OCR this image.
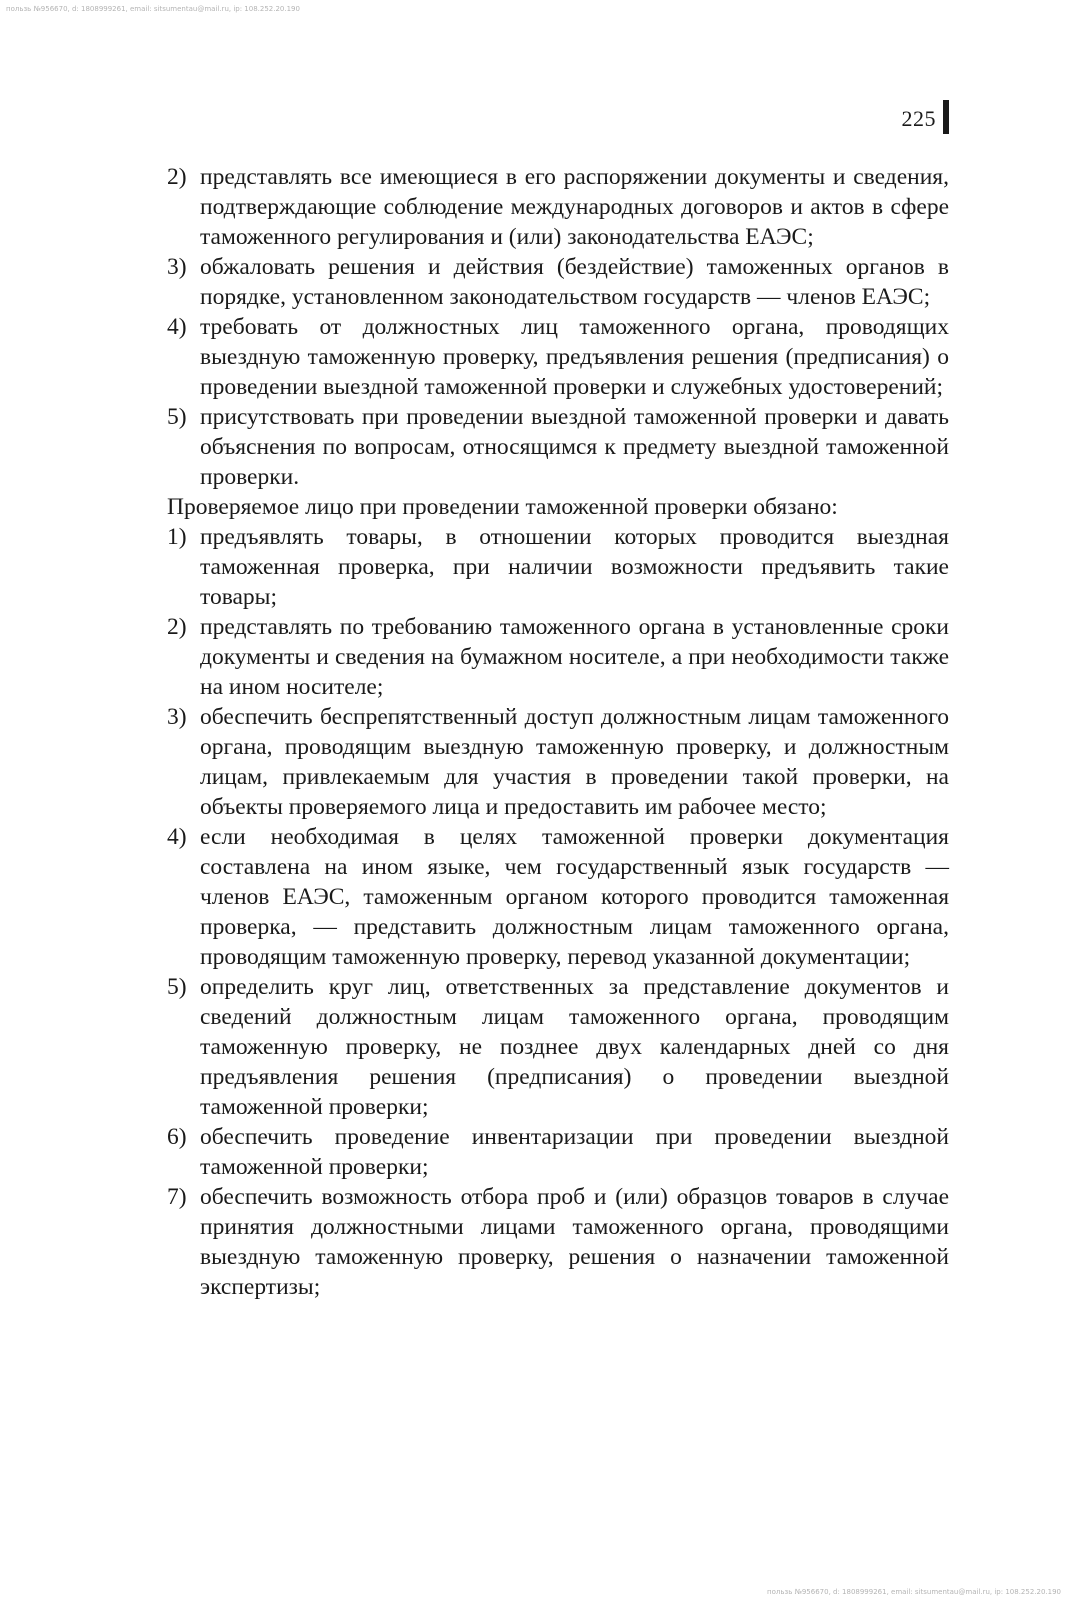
пользь №956670, d: 1808999261, email: sitsumentau@mail.ru, ip: 108.252.20.190
225
2) представлять все имеющиеся в его распоряжении документы и сведения, подтверждающие соблюдение международных договоров и актов в сфере таможенного регулирования и (или) законодательства ЕАЭС;
3) обжаловать решения и действия (бездействие) таможенных органов в порядке, установленном законодательством государств — членов ЕАЭС;
4) требовать от должностных лиц таможенного органа, проводящих выездную таможенную проверку, предъявления решения (предписания) о проведении выездной таможенной проверки и служебных удостоверений;
5) присутствовать при проведении выездной таможенной проверки и давать объяснения по вопросам, относящимся к предмету выездной таможенной проверки.

Проверяемое лицо при проведении таможенной проверки обязано:

1) предъявлять товары, в отношении которых проводится выездная таможенная проверка, при наличии возможности предъявить такие товары;
2) представлять по требованию таможенного органа в установленные сроки документы и сведения на бумажном носителе, а при необходимости также на ином носителе;
3) обеспечить беспрепятственный доступ должностным лицам таможенного органа, проводящим выездную таможенную проверку, и должностным лицам, привлекаемым для участия в проведении такой проверки, на объекты проверяемого лица и предоставить им рабочее место;
4) если необходимая в целях таможенной проверки документация составлена на ином языке, чем государственный язык государств — членов ЕАЭС, таможенным органом которого проводится таможенная проверка, — представить должностным лицам таможенного органа, проводящим таможенную проверку, перевод указанной документации;
5) определить круг лиц, ответственных за представление документов и сведений должностным лицам таможенного органа, проводящим таможенную проверку, не позднее двух календарных дней со дня предъявления решения (предписания) о проведении выездной таможенной проверки;
6) обеспечить проведение инвентаризации при проведении выездной таможенной проверки;
7) обеспечить возможность отбора проб и (или) образцов товаров в случае принятия должностными лицами таможенного органа, проводящими выездную таможенную проверку, решения о назначении таможенной экспертизы;
пользь №956670, d: 1808999261, email: sitsumentau@mail.ru, ip: 108.252.20.190
